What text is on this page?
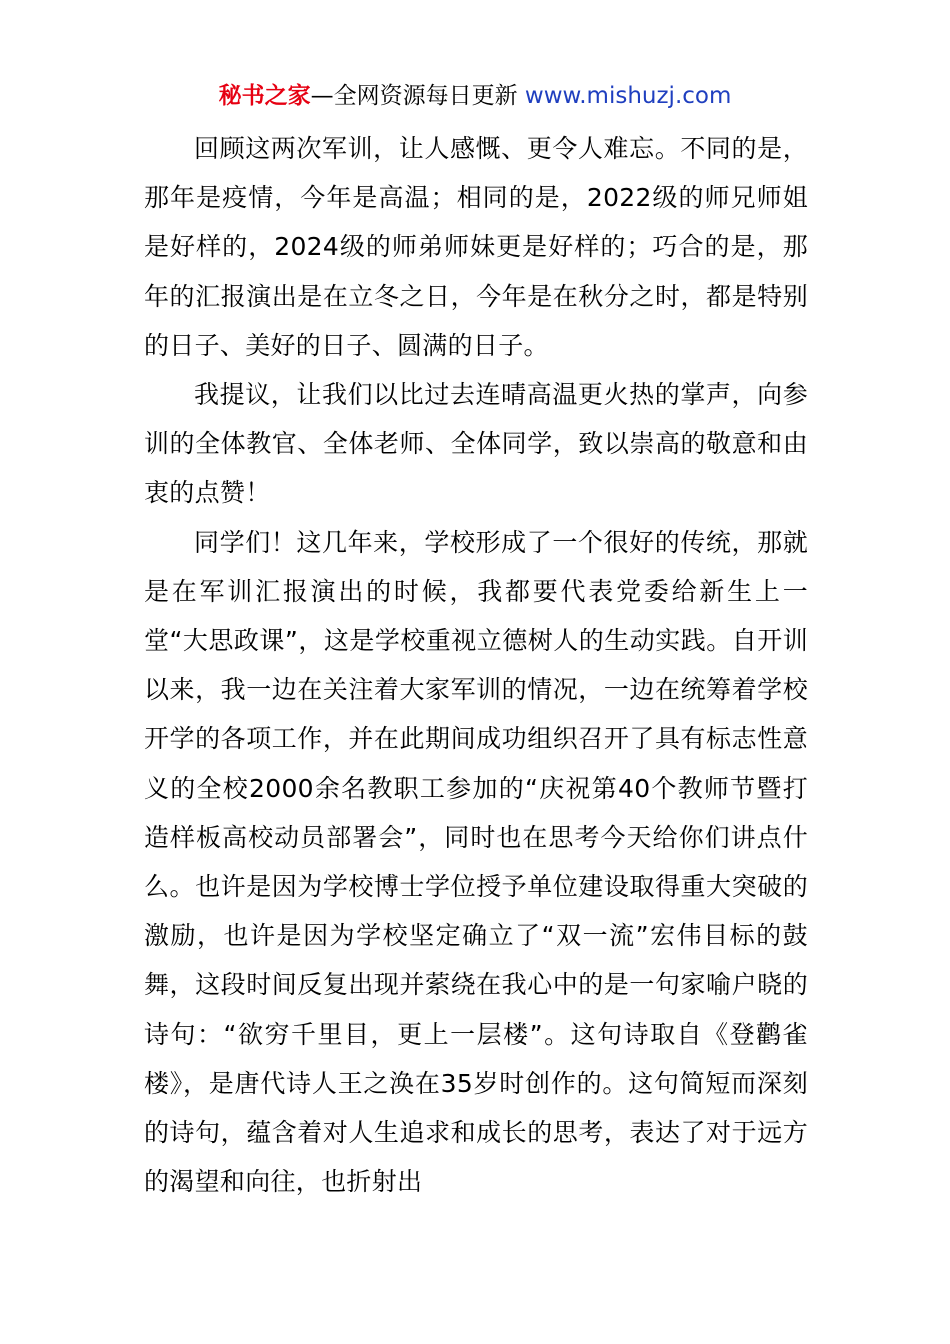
秘书之家—全网资源每日更新 www.mishuzj.com

回顾这两次军训，让人感慨、更令人难忘。不同的是，那年是疫情，今年是高温；相同的是，2022级的师兄师姐是好样的，2024级的师弟师妹更是好样的；巧合的是，那年的汇报演出是在立冬之日，今年是在秋分之时，都是特别的日子、美好的日子、圆满的日子。

我提议，让我们以比过去连晴高温更火热的掌声，向参训的全体教官、全体老师、全体同学，致以崇高的敬意和由衷的点赞！

同学们！这几年来，学校形成了一个很好的传统，那就是在军训汇报演出的时候，我都要代表党委给新生上一堂“大思政课”，这是学校重视立德树人的生动实践。自开训以来，我一边在关注着大家军训的情况，一边在统筹着学校开学的各项工作，并在此期间成功组织召开了具有标志性意义的全校2000余名教职工参加的“庆祝第40个教师节暨打造样板高校动员部署会”，同时也在思考今天给你们讲点什么。也许是因为学校博士学位授予单位建设取得重大突破的激励，也许是因为学校坚定确立了“双一流”宏伟目标的鼓舞，这段时间反复出现并萦绕在我心中的是一句家喻户晓的诗句：“欲穷千里目，更上一层楼”。这句诗取自《登鹳雀楼》，是唐代诗人王之涣在35岁时创作的。这句简短而深刻的诗句，蕴含着对人生追求和成长的思考，表达了对于远方的渴望和向往，也折射出
